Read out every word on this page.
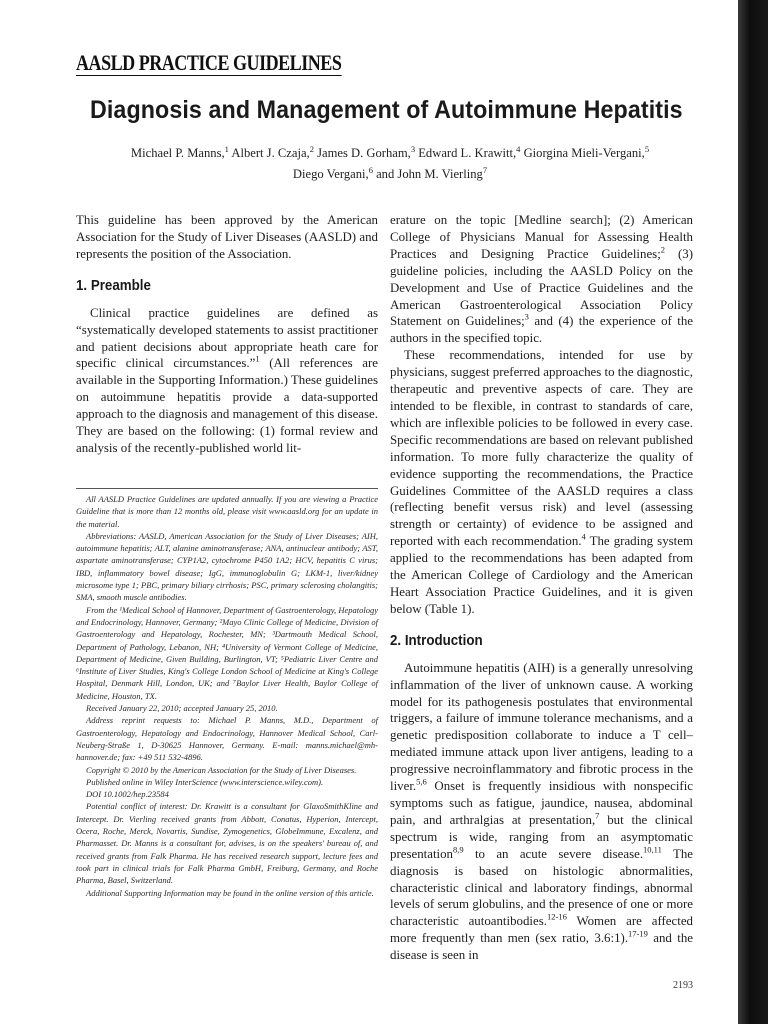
AASLD PRACTICE GUIDELINES
Diagnosis and Management of Autoimmune Hepatitis
Michael P. Manns,$^1$ Albert J. Czaja,$^2$ James D. Gorham,$^3$ Edward L. Krawitt,$^4$ Giorgina Mieli-Vergani,$^5$
Diego Vergani,$^6$ and John M. Vierling$^7$

This guideline has been approved by the American Association for the Study of Liver Diseases (AASLD) and represents the position of the Association.

1. Preamble

Clinical practice guidelines are defined as “systematically developed statements to assist practitioner and patient decisions about appropriate heath care for specific clinical circumstances.”$^1$ (All references are available in the Supporting Information.) These guidelines on autoimmune hepatitis provide a data-supported approach to the diagnosis and management of this disease. They are based on the following: (1) formal review and analysis of the recently-published world lit-

All AASLD Practice Guidelines are updated annually. If you are viewing a Practice Guideline that is more than 12 months old, please visit www.aasld.org for an update in the material.

Abbreviations: AASLD, American Association for the Study of Liver Diseases; AIH, autoimmune hepatitis; ALT, alanine aminotransferase; ANA, antinuclear antibody; AST, aspartate aminotransferase; CYP1A2, cytochrome P450 1A2; HCV, hepatitis C virus; IBD, inflammatory bowel disease; IgG, immunoglobulin G; LKM-1, liver/kidney microsome type 1; PBC, primary biliary cirrhosis; PSC, primary sclerosing cholangitis; SMA, smooth muscle antibodies.

From the ¹Medical School of Hannover, Department of Gastroenterology, Hepatology and Endocrinology, Hannover, Germany; ²Mayo Clinic College of Medicine, Division of Gastroenterology and Hepatology, Rochester, MN; ³Dartmouth Medical School, Department of Pathology, Lebanon, NH; ⁴University of Vermont College of Medicine, Department of Medicine, Given Building, Burlington, VT; ⁵Pediatric Liver Centre and ⁶Institute of Liver Studies, King's College London School of Medicine at King's College Hospital, Denmark Hill, London, UK; and ⁷Baylor Liver Health, Baylor College of Medicine, Houston, TX.

Received January 22, 2010; accepted January 25, 2010.

Address reprint requests to: Michael P. Manns, M.D., Department of Gastroenterology, Hepatology and Endocrinology, Hannover Medical School, Carl-Neuberg-Straße 1, D-30625 Hannover, Germany. E-mail: manns.michael@mh-hannover.de; fax: +49 511 532-4896.

Copyright © 2010 by the American Association for the Study of Liver Diseases.

Published online in Wiley InterScience (www.interscience.wiley.com).

DOI 10.1002/hep.23584

Potential conflict of interest: Dr. Krawitt is a consultant for GlaxoSmithKline and Intercept. Dr. Vierling received grants from Abbott, Conatus, Hyperion, Intercept, Ocera, Roche, Merck, Novartis, Sundise, Zymogenetics, GlobeImmune, Excalenz, and Pharmasset. Dr. Manns is a consultant for, advises, is on the speakers' bureau of, and received grants from Falk Pharma. He has received research support, lecture fees and took part in clinical trials for Falk Pharma GmbH, Freiburg, Germany, and Roche Pharma, Basel, Switzerland.

Additional Supporting Information may be found in the online version of this article.

erature on the topic [Medline search]; (2) American College of Physicians Manual for Assessing Health Practices and Designing Practice Guidelines;$^2$ (3) guideline policies, including the AASLD Policy on the Development and Use of Practice Guidelines and the American Gastroenterological Association Policy Statement on Guidelines;$^3$ and (4) the experience of the authors in the specified topic.

These recommendations, intended for use by physicians, suggest preferred approaches to the diagnostic, therapeutic and preventive aspects of care. They are intended to be flexible, in contrast to standards of care, which are inflexible policies to be followed in every case. Specific recommendations are based on relevant published information. To more fully characterize the quality of evidence supporting the recommendations, the Practice Guidelines Committee of the AASLD requires a class (reflecting benefit versus risk) and level (assessing strength or certainty) of evidence to be assigned and reported with each recommendation.$^4$ The grading system applied to the recommendations has been adapted from the American College of Cardiology and the American Heart Association Practice Guidelines, and it is given below (Table 1).

2. Introduction

Autoimmune hepatitis (AIH) is a generally unresolving inflammation of the liver of unknown cause. A working model for its pathogenesis postulates that environmental triggers, a failure of immune tolerance mechanisms, and a genetic predisposition collaborate to induce a T cell–mediated immune attack upon liver antigens, leading to a progressive necroinflammatory and fibrotic process in the liver.$^{5,6}$ Onset is frequently insidious with nonspecific symptoms such as fatigue, jaundice, nausea, abdominal pain, and arthralgias at presentation,$^7$ but the clinical spectrum is wide, ranging from an asymptomatic presentation$^{8,9}$ to an acute severe disease.$^{10,11}$ The diagnosis is based on histologic abnormalities, characteristic clinical and laboratory findings, abnormal levels of serum globulins, and the presence of one or more characteristic autoantibodies.$^{12-16}$ Women are affected more frequently than men (sex ratio, 3.6:1).$^{17-19}$ and the disease is seen in

2193
